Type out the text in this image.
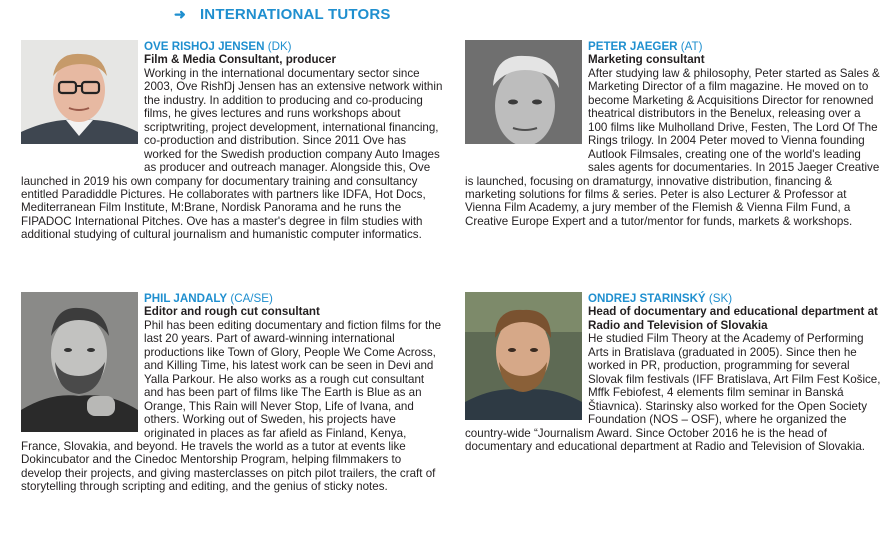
➜ INTERNATIONAL TUTORS

OVE RISHOJ JENSEN (DK)
Film & Media Consultant, producer
Working in the international documentary sector since 2003, Ove RishŊj Jensen has an extensive network within the industry. In addition to producing and co-producing films, he gives lectures and runs workshops about scriptwriting, project development, international financing, co-production and distribution. Since 2011 Ove has worked for the Swedish production company Auto Images as producer and outreach manager. Alongside this, Ove launched in 2019 his own company for documentary training and consultancy entitled Paradiddle Pictures. He collaborates with partners like IDFA, Hot Docs, Mediterranean Film Institute, M:Brane, Nordisk Panorama and he runs the FIPADOC International Pitches. Ove has a master's degree in film studies with additional studying of cultural journalism and humanistic computer informatics.

PETER JAEGER (AT)
Marketing consultant
After studying law & philosophy, Peter started as Sales & Marketing Director of a film magazine. He moved on to become Marketing & Acquisitions Director for renowned theatrical distributors in the Benelux, releasing over a 100 films like Mulholland Drive, Festen, The Lord Of The Rings trilogy. In 2004 Peter moved to Vienna founding Autlook Filmsales, creating one of the world's leading sales agents for documentaries. In 2015 Jaeger Creative is launched, focusing on dramaturgy, innovative distribution, financing & marketing solutions for films & series. Peter is also Lecturer & Professor at Vienna Film Academy, a jury member of the Flemish & Vienna Film Fund, a Creative Europe Expert and a tutor/mentor for funds, markets & workshops.

PHIL JANDALY (CA/SE)
Editor and rough cut consultant
Phil has been editing documentary and fiction films for the last 20 years. Part of award-winning international productions like Town of Glory, People We Come Across, and Killing Time, his latest work can be seen in Devi and Yalla Parkour. He also works as a rough cut consultant and has been part of films like The Earth is Blue as an Orange, This Rain will Never Stop, Life of Ivana, and others. Working out of Sweden, his projects have originated in places as far afield as Finland, Kenya, France, Slovakia, and beyond. He travels the world as a tutor at events like Dokincubator and the Cinedoc Mentorship Program, helping filmmakers to develop their projects, and giving masterclasses on pitch pilot trailers, the craft of storytelling through scripting and editing, and the genius of sticky notes.

ONDREJ STARINSKÝ (SK)
Head of documentary and educational department at Radio and Television of Slovakia
He studied Film Theory at the Academy of Performing Arts in Bratislava (graduated in 2005). Since then he worked in PR, production, programming for several Slovak film festivals (IFF Bratislava, Art Film Fest Košice, Mffk Febiofest, 4 elements film seminar in Banská Štiavnica). Starinsky also worked for the Open Society Foundation (NOS – OSF), where he organized the country-wide “Journalism Award. Since October 2016 he is the head of documentary and educational department at Radio and Television of Slovakia.
